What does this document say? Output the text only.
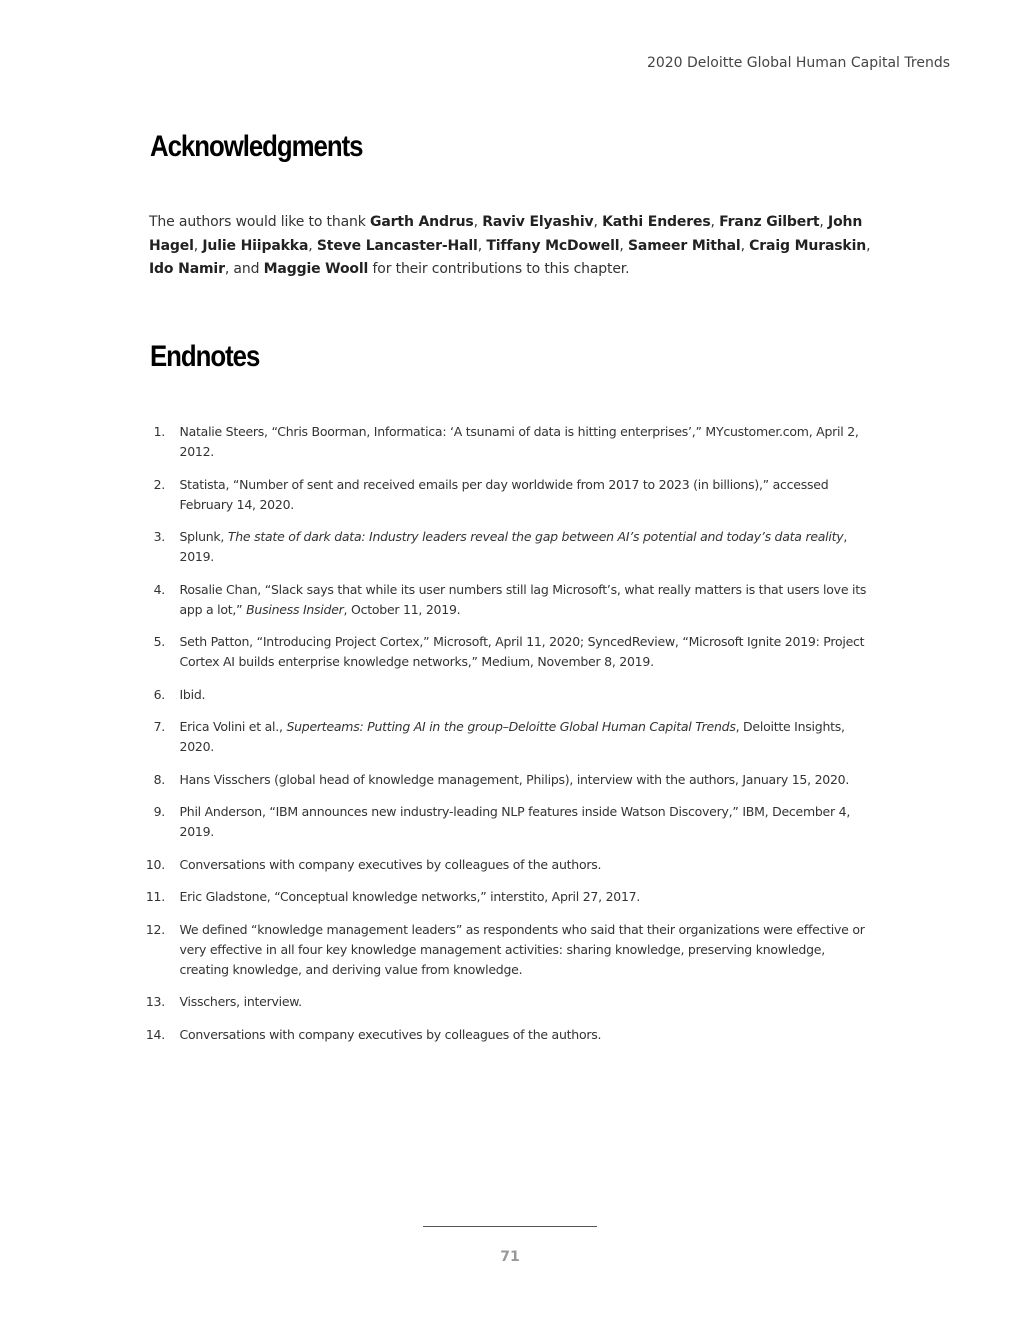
2020 Deloitte Global Human Capital Trends
Acknowledgments

The authors would like to thank Garth Andrus, Raviv Elyashiv, Kathi Enderes, Franz Gilbert, John Hagel, Julie Hiipakka, Steve Lancaster-Hall, Tiffany McDowell, Sameer Mithal, Craig Muraskin, Ido Namir, and Maggie Wooll for their contributions to this chapter.

Endnotes
1. Natalie Steers, “Chris Boorman, Informatica: ‘A tsunami of data is hitting enterprises’,” MYcustomer.com, April 2, 2012.
2. Statista, “Number of sent and received emails per day worldwide from 2017 to 2023 (in billions),” accessed February 14, 2020.
3. Splunk, The state of dark data: Industry leaders reveal the gap between AI’s potential and today’s data reality, 2019.
4. Rosalie Chan, “Slack says that while its user numbers still lag Microsoft’s, what really matters is that users love its app a lot,” Business Insider, October 11, 2019.
5. Seth Patton, “Introducing Project Cortex,” Microsoft, April 11, 2020; SyncedReview, “Microsoft Ignite 2019: Project Cortex AI builds enterprise knowledge networks,” Medium, November 8, 2019.
6. Ibid.
7. Erica Volini et al., Superteams: Putting AI in the group–Deloitte Global Human Capital Trends, Deloitte Insights, 2020.
8. Hans Visschers (global head of knowledge management, Philips), interview with the authors, January 15, 2020.
9. Phil Anderson, “IBM announces new industry-leading NLP features inside Watson Discovery,” IBM, December 4, 2019.
10. Conversations with company executives by colleagues of the authors.
11. Eric Gladstone, “Conceptual knowledge networks,” interstito, April 27, 2017.
12. We defined “knowledge management leaders” as respondents who said that their organizations were effective or very effective in all four key knowledge management activities: sharing knowledge, preserving knowledge, creating knowledge, and deriving value from knowledge.
13. Visschers, interview.
14. Conversations with company executives by colleagues of the authors.
71
